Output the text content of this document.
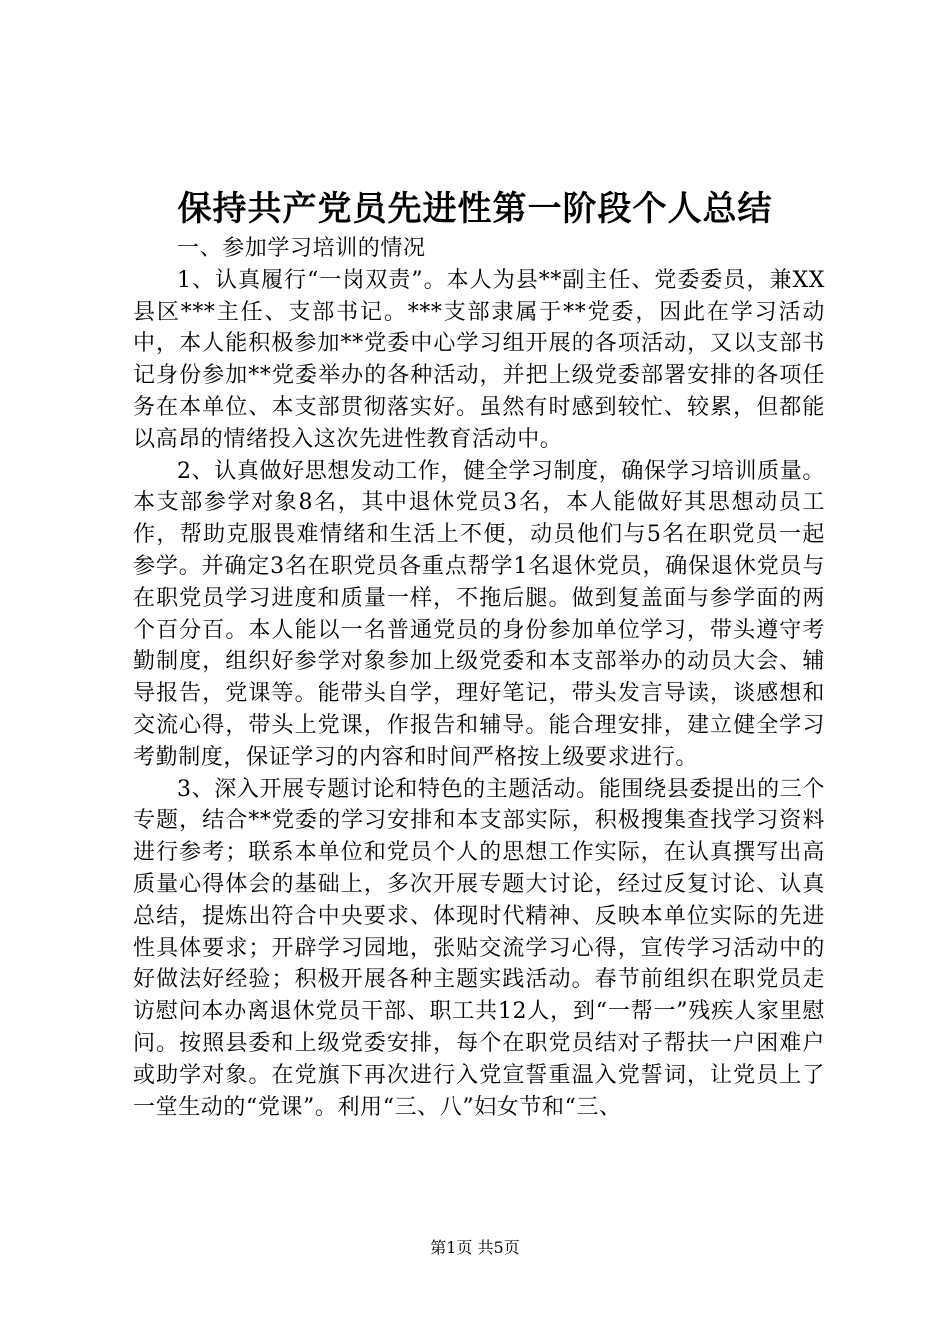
保持共产党员先进性第一阶段个人总结

一、参加学习培训的情况

1、认真履行“一岗双责”。本人为县**副主任、党委委员，兼XX县区***主任、支部书记。***支部隶属于**党委，因此在学习活动中，本人能积极参加**党委中心学习组开展的各项活动，又以支部书记身份参加**党委举办的各种活动，并把上级党委部署安排的各项任务在本单位、本支部贯彻落实好。虽然有时感到较忙、较累，但都能以高昂的情绪投入这次先进性教育活动中。

2、认真做好思想发动工作，健全学习制度，确保学习培训质量。本支部参学对象8名，其中退休党员3名，本人能做好其思想动员工作，帮助克服畏难情绪和生活上不便，动员他们与5名在职党员一起参学。并确定3名在职党员各重点帮学1名退休党员，确保退休党员与在职党员学习进度和质量一样，不拖后腿。做到复盖面与参学面的两个百分百。本人能以一名普通党员的身份参加单位学习，带头遵守考勤制度，组织好参学对象参加上级党委和本支部举办的动员大会、辅导报告，党课等。能带头自学，理好笔记，带头发言导读，谈感想和交流心得，带头上党课，作报告和辅导。能合理安排，建立健全学习考勤制度，保证学习的内容和时间严格按上级要求进行。

3、深入开展专题讨论和特色的主题活动。能围绕县委提出的三个专题，结合**党委的学习安排和本支部实际，积极搜集查找学习资料进行参考；联系本单位和党员个人的思想工作实际，在认真撰写出高质量心得体会的基础上，多次开展专题大讨论，经过反复讨论、认真总结，提炼出符合中央要求、体现时代精神、反映本单位实际的先进性具体要求；开辟学习园地，张贴交流学习心得，宣传学习活动中的好做法好经验；积极开展各种主题实践活动。春节前组织在职党员走访慰问本办离退休党员干部、职工共12人，到“一帮一”残疾人家里慰问。按照县委和上级党委安排，每个在职党员结对子帮扶一户困难户或助学对象。在党旗下再次进行入党宣誓重温入党誓词，让党员上了一堂生动的“党课”。利用“三、八”妇女节和“三、

第1页 共5页
